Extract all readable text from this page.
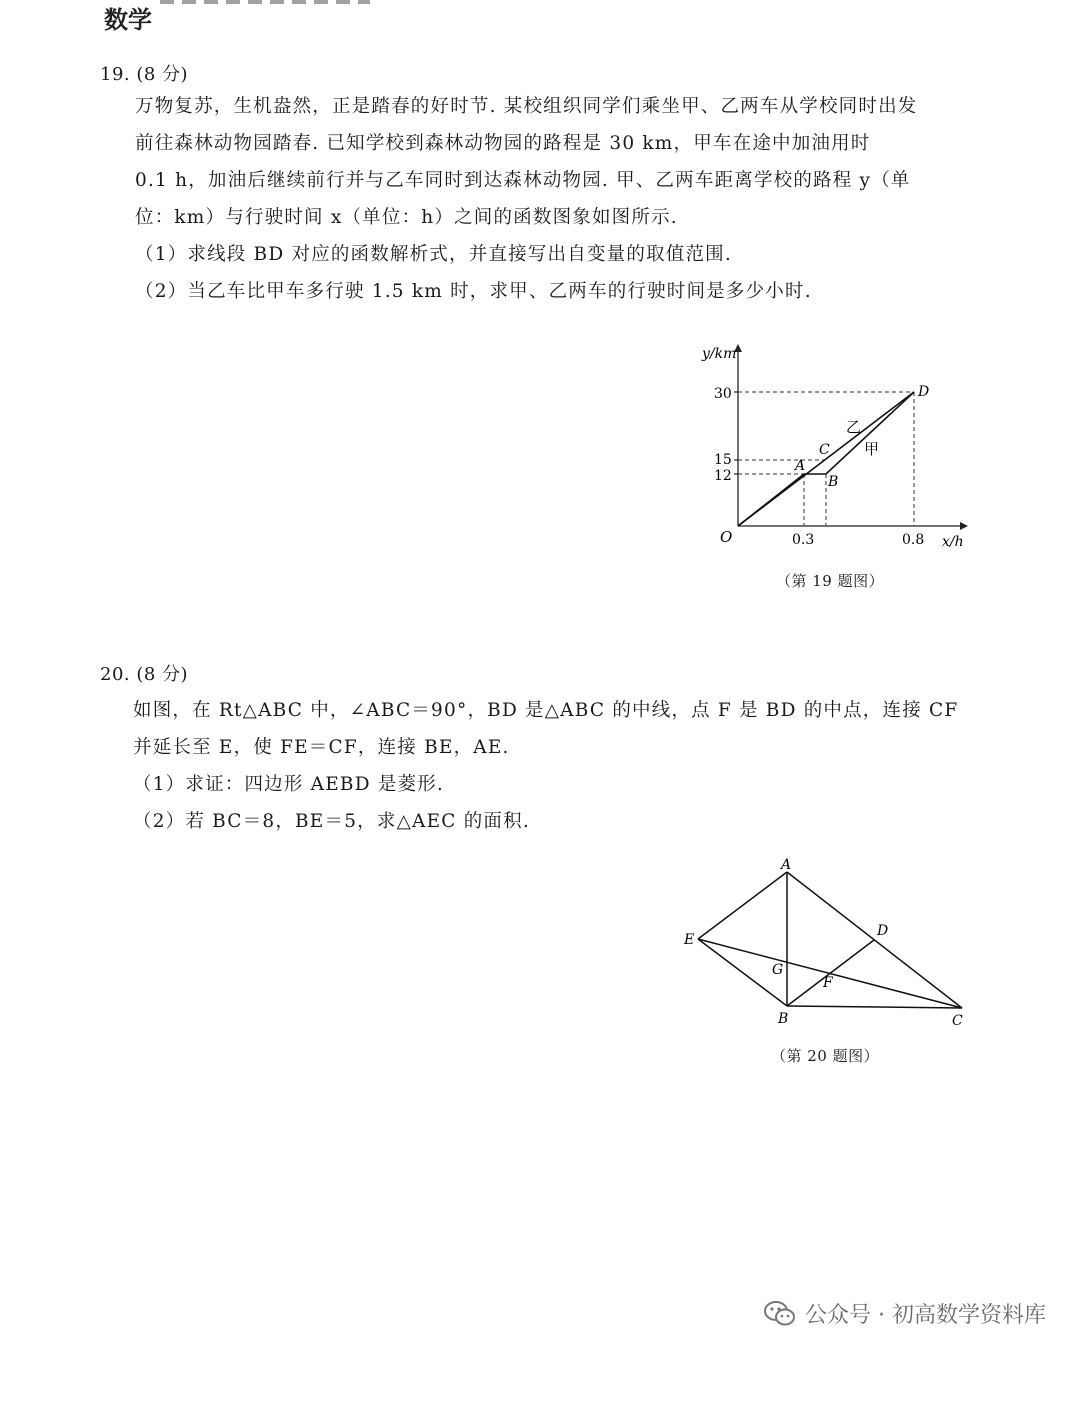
数学
19. (8 分)

万物复苏，生机盎然，正是踏春的好时节. 某校组织同学们乘坐甲、乙两车从学校同时出发

前往森林动物园踏春. 已知学校到森林动物园的路程是 30 km，甲车在途中加油用时

0.1 h，加油后继续前行并与乙车同时到达森林动物园. 甲、乙两车距离学校的路程 y（单

位：km）与行驶时间 x（单位：h）之间的函数图象如图所示.

（1）求线段 BD 对应的函数解析式，并直接写出自变量的取值范围.

（2）当乙车比甲车多行驶 1.5 km 时，求甲、乙两车的行驶时间是多少小时.

y/km
x/h
O
30
15
12
0.3	0.8
A
B
C
D
乙
甲
（第 19 题图）
20. (8 分)

如图，在 Rt△ABC 中，∠ABC＝90°，BD 是△ABC 的中线，点 F 是 BD 的中点，连接 CF

并延长至 E，使 FE＝CF，连接 BE，AE.

（1）求证：四边形 AEBD 是菱形.

（2）若 BC＝8，BE＝5，求△AEC 的面积.

A
E
D
G
F
B	C
（第 20 题图）
公众号 · 初高数学资料库
